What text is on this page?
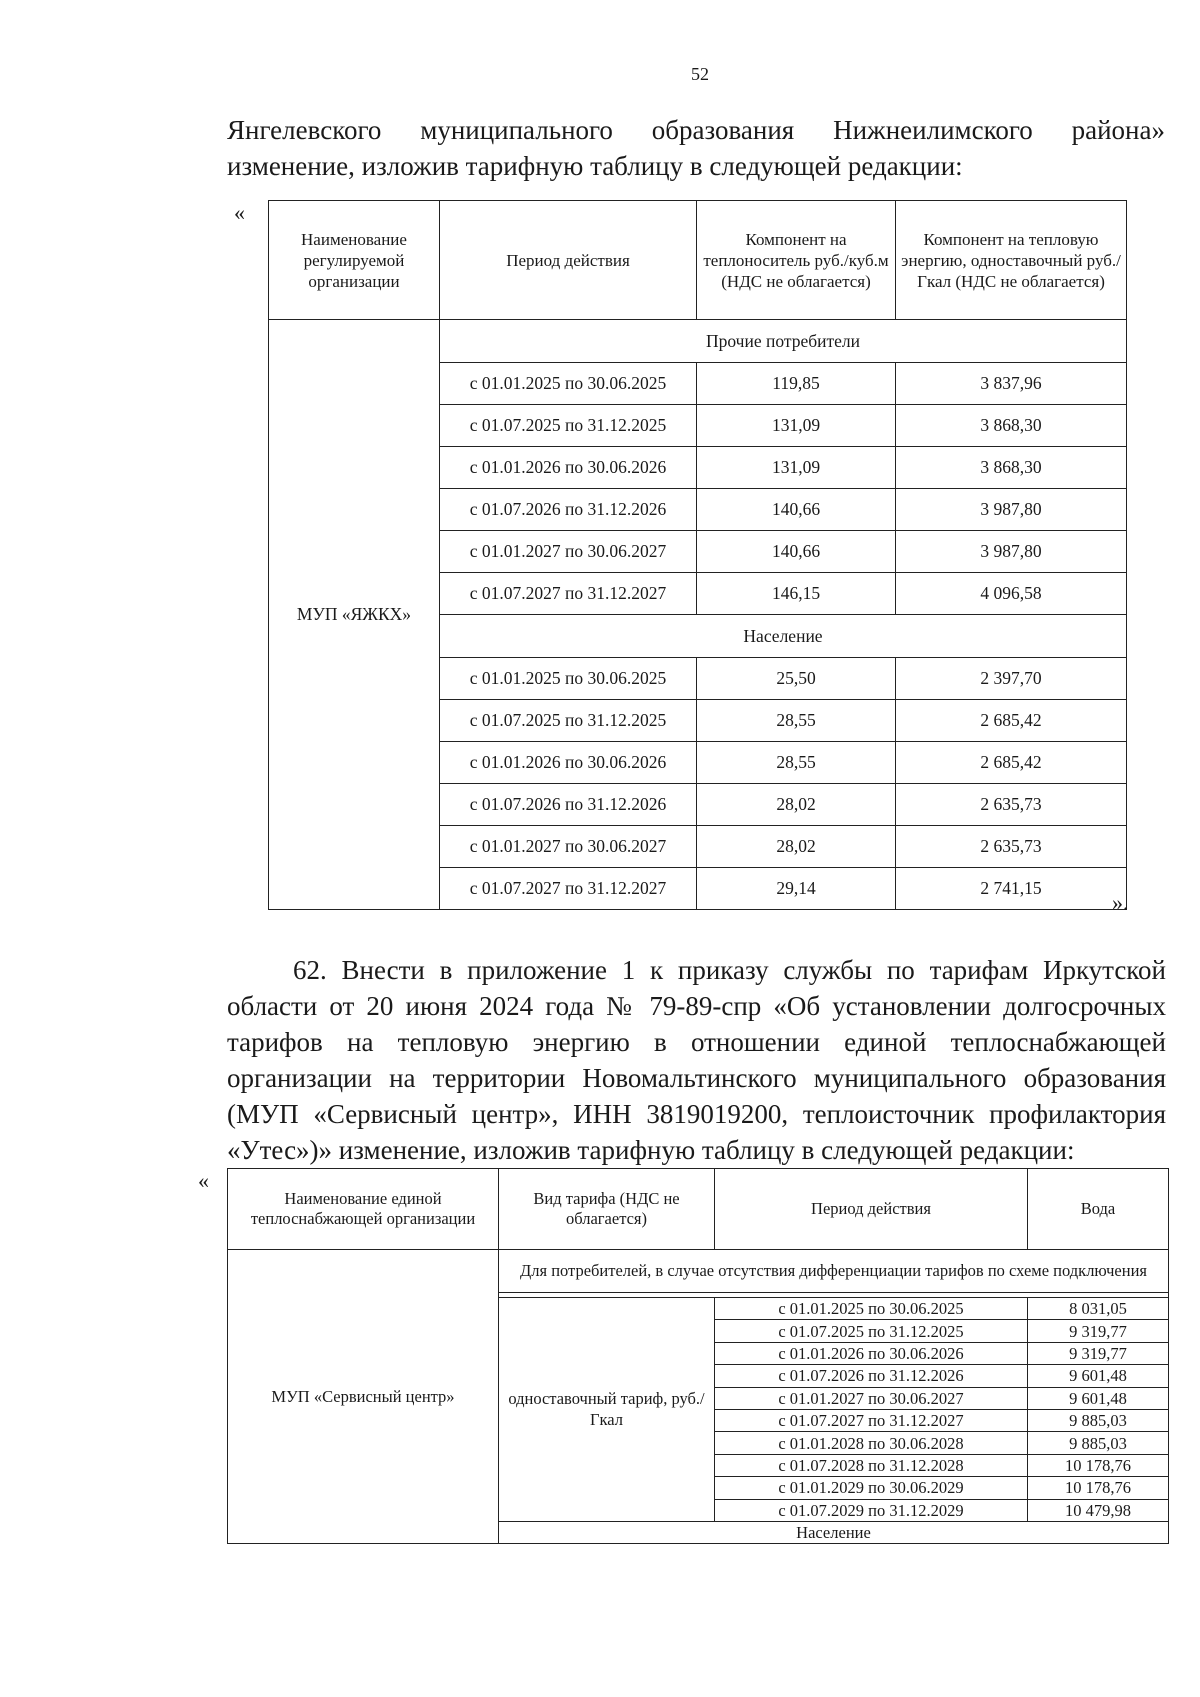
52
Янгелевского муниципального образования Нижнеилимского района»
изменение, изложив тарифную таблицу в следующей редакции:
«
Наименование регулируемой организации	Период действия	Компонент на теплоноситель руб./куб.м (НДС не облагается)	Компонент на тепловую энергию, одноставочный руб./Гкал (НДС не облагается)
МУП «ЯЖКХ»	Прочие потребители		
	с 01.01.2025 по 30.06.2025	119,85	3 837,96
	с 01.07.2025 по 31.12.2025	131,09	3 868,30
	с 01.01.2026 по 30.06.2026	131,09	3 868,30
	с 01.07.2026 по 31.12.2026	140,66	3 987,80
	с 01.01.2027 по 30.06.2027	140,66	3 987,80
	с 01.07.2027 по 31.12.2027	146,15	4 096,58
	Население		
	с 01.01.2025 по 30.06.2025	25,50	2 397,70
	с 01.07.2025 по 31.12.2025	28,55	2 685,42
	с 01.01.2026 по 30.06.2026	28,55	2 685,42
	с 01.07.2026 по 31.12.2026	28,02	2 635,73
	с 01.01.2027 по 30.06.2027	28,02	2 635,73
	с 01.07.2027 по 31.12.2027	29,14	2 741,15
».
62. Внести в приложение 1 к приказу службы по тарифам Иркутской области от 20 июня 2024 года № 79-89-спр «Об установлении долгосрочных тарифов на тепловую энергию в отношении единой теплоснабжающей организации на территории Новомальтинского муниципального образования (МУП «Сервисный центр», ИНН 3819019200, теплоисточник профилактория «Утес»)» изменение, изложив тарифную таблицу в следующей редакции:
«
Наименование единой теплоснабжающей организации	Вид тарифа (НДС не облагается)	Период действия	Вода
МУП «Сервисный центр»	Для потребителей, в случае отсутствия дифференциации тарифов по схеме подключения		

	одноставочный тариф, руб./Гкал	с 01.01.2025 по 30.06.2025	8 031,05
		с 01.07.2025 по 31.12.2025	9 319,77
		с 01.01.2026 по 30.06.2026	9 319,77
		с 01.07.2026 по 31.12.2026	9 601,48
		с 01.01.2027 по 30.06.2027	9 601,48
		с 01.07.2027 по 31.12.2027	9 885,03
		с 01.01.2028 по 30.06.2028	9 885,03
		с 01.07.2028 по 31.12.2028	10 178,76
		с 01.01.2029 по 30.06.2029	10 178,76
		с 01.07.2029 по 31.12.2029	10 479,98
	Население		
